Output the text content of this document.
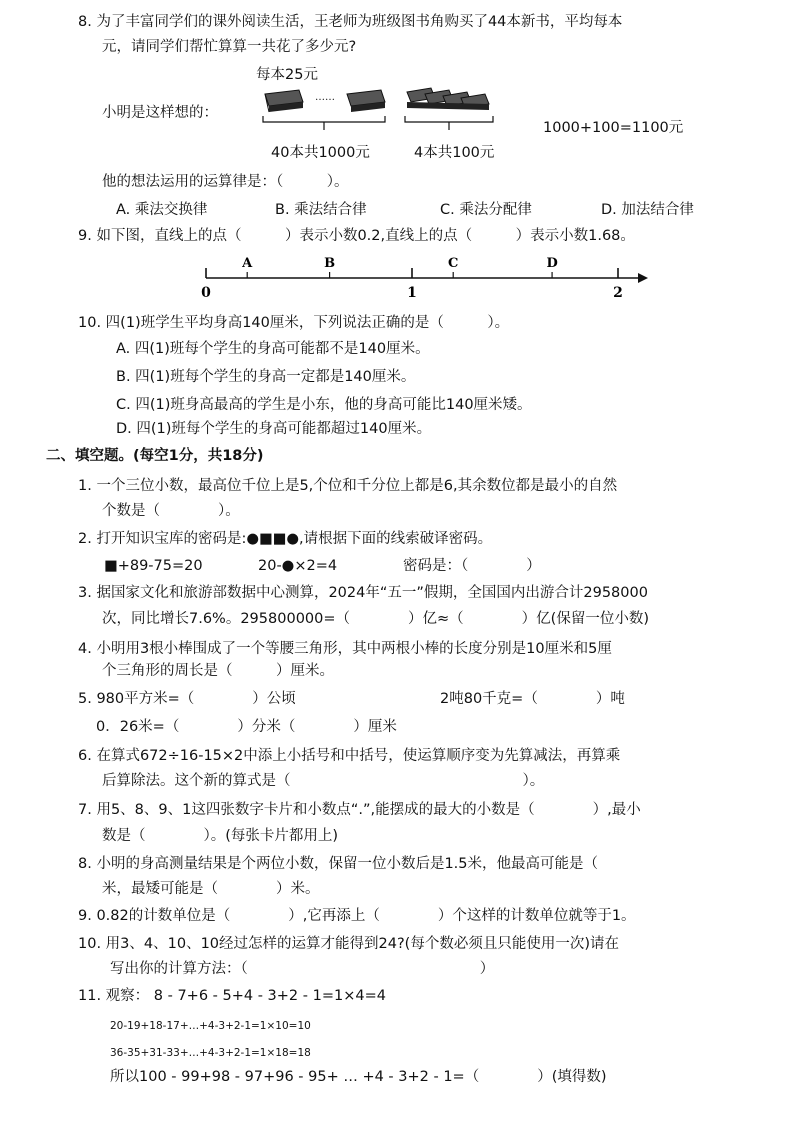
8. 为了丰富同学们的课外阅读生活，王老师为班级图书角购买了44本新书，平均每本
元，请同学们帮忙算算一共花了多少元?
每本25元
小明是这样想的：
……
40本共1000元	4本共100元
1000+100=1100元
他的想法运用的运算律是：（　　　）。
A. 乘法交换律	B. 乘法结合律	C. 乘法分配律	D. 加法结合律
9. 如下图，直线上的点（　　　）表示小数0.2,直线上的点（　　　）表示小数1.68。
0	1	2
A	B	C	D
10. 四(1)班学生平均身高140厘米，下列说法正确的是（　　　）。
A. 四(1)班每个学生的身高可能都不是140厘米。
B. 四(1)班每个学生的身高一定都是140厘米。
C. 四(1)班身高最高的学生是小东，他的身高可能比140厘米矮。
D. 四(1)班每个学生的身高可能都超过140厘米。
二、填空题。(每空1分，共18分)
1. 一个三位小数，最高位千位上是5,个位和千分位上都是6,其余数位都是最小的自然
个数是（　　　　）。
2. 打开知识宝库的密码是:●■■●,请根据下面的线索破译密码。
■+89-75=20	20-●×2=4	密码是：（　　　　）
3. 据国家文化和旅游部数据中心测算，2024年“五一”假期，全国国内出游合计2958000
次，同比增长7.6%。295800000=（　　　　）亿≈（　　　　）亿(保留一位小数)
4. 小明用3根小棒围成了一个等腰三角形，其中两根小棒的长度分别是10厘米和5厘
个三角形的周长是（　　　）厘米。
5. 980平方米=（　　　　）公顷	2吨80千克=（　　　　）吨
0．26米=（　　　　）分米（　　　　）厘米
6. 在算式672÷16-15×2中添上小括号和中括号，使运算顺序变为先算减法，再算乘
后算除法。这个新的算式是（　　　　　　　　　　　　　　　　）。
7. 用5、8、9、1这四张数字卡片和小数点“.”,能摆成的最大的小数是（　　　　）,最小
数是（　　　　）。(每张卡片都用上)
8. 小明的身高测量结果是个两位小数，保留一位小数后是1.5米，他最高可能是（
米，最矮可能是（　　　　）米。
9. 0.82的计数单位是（　　　　）,它再添上（　　　　）个这样的计数单位就等于1。
10. 用3、4、10、10经过怎样的运算才能得到24?(每个数必须且只能使用一次)请在
写出你的计算方法：（　　　　　　　　　　　　　　　　）
11. 观察： 8 - 7+6 - 5+4 - 3+2 - 1=1×4=4
20-19+18-17+…+4-3+2-1=1×10=10
36-35+31-33+…+4-3+2-1=1×18=18
所以100 - 99+98 - 97+96 - 95+ … +4 - 3+2 - 1=（　　　　）(填得数)
